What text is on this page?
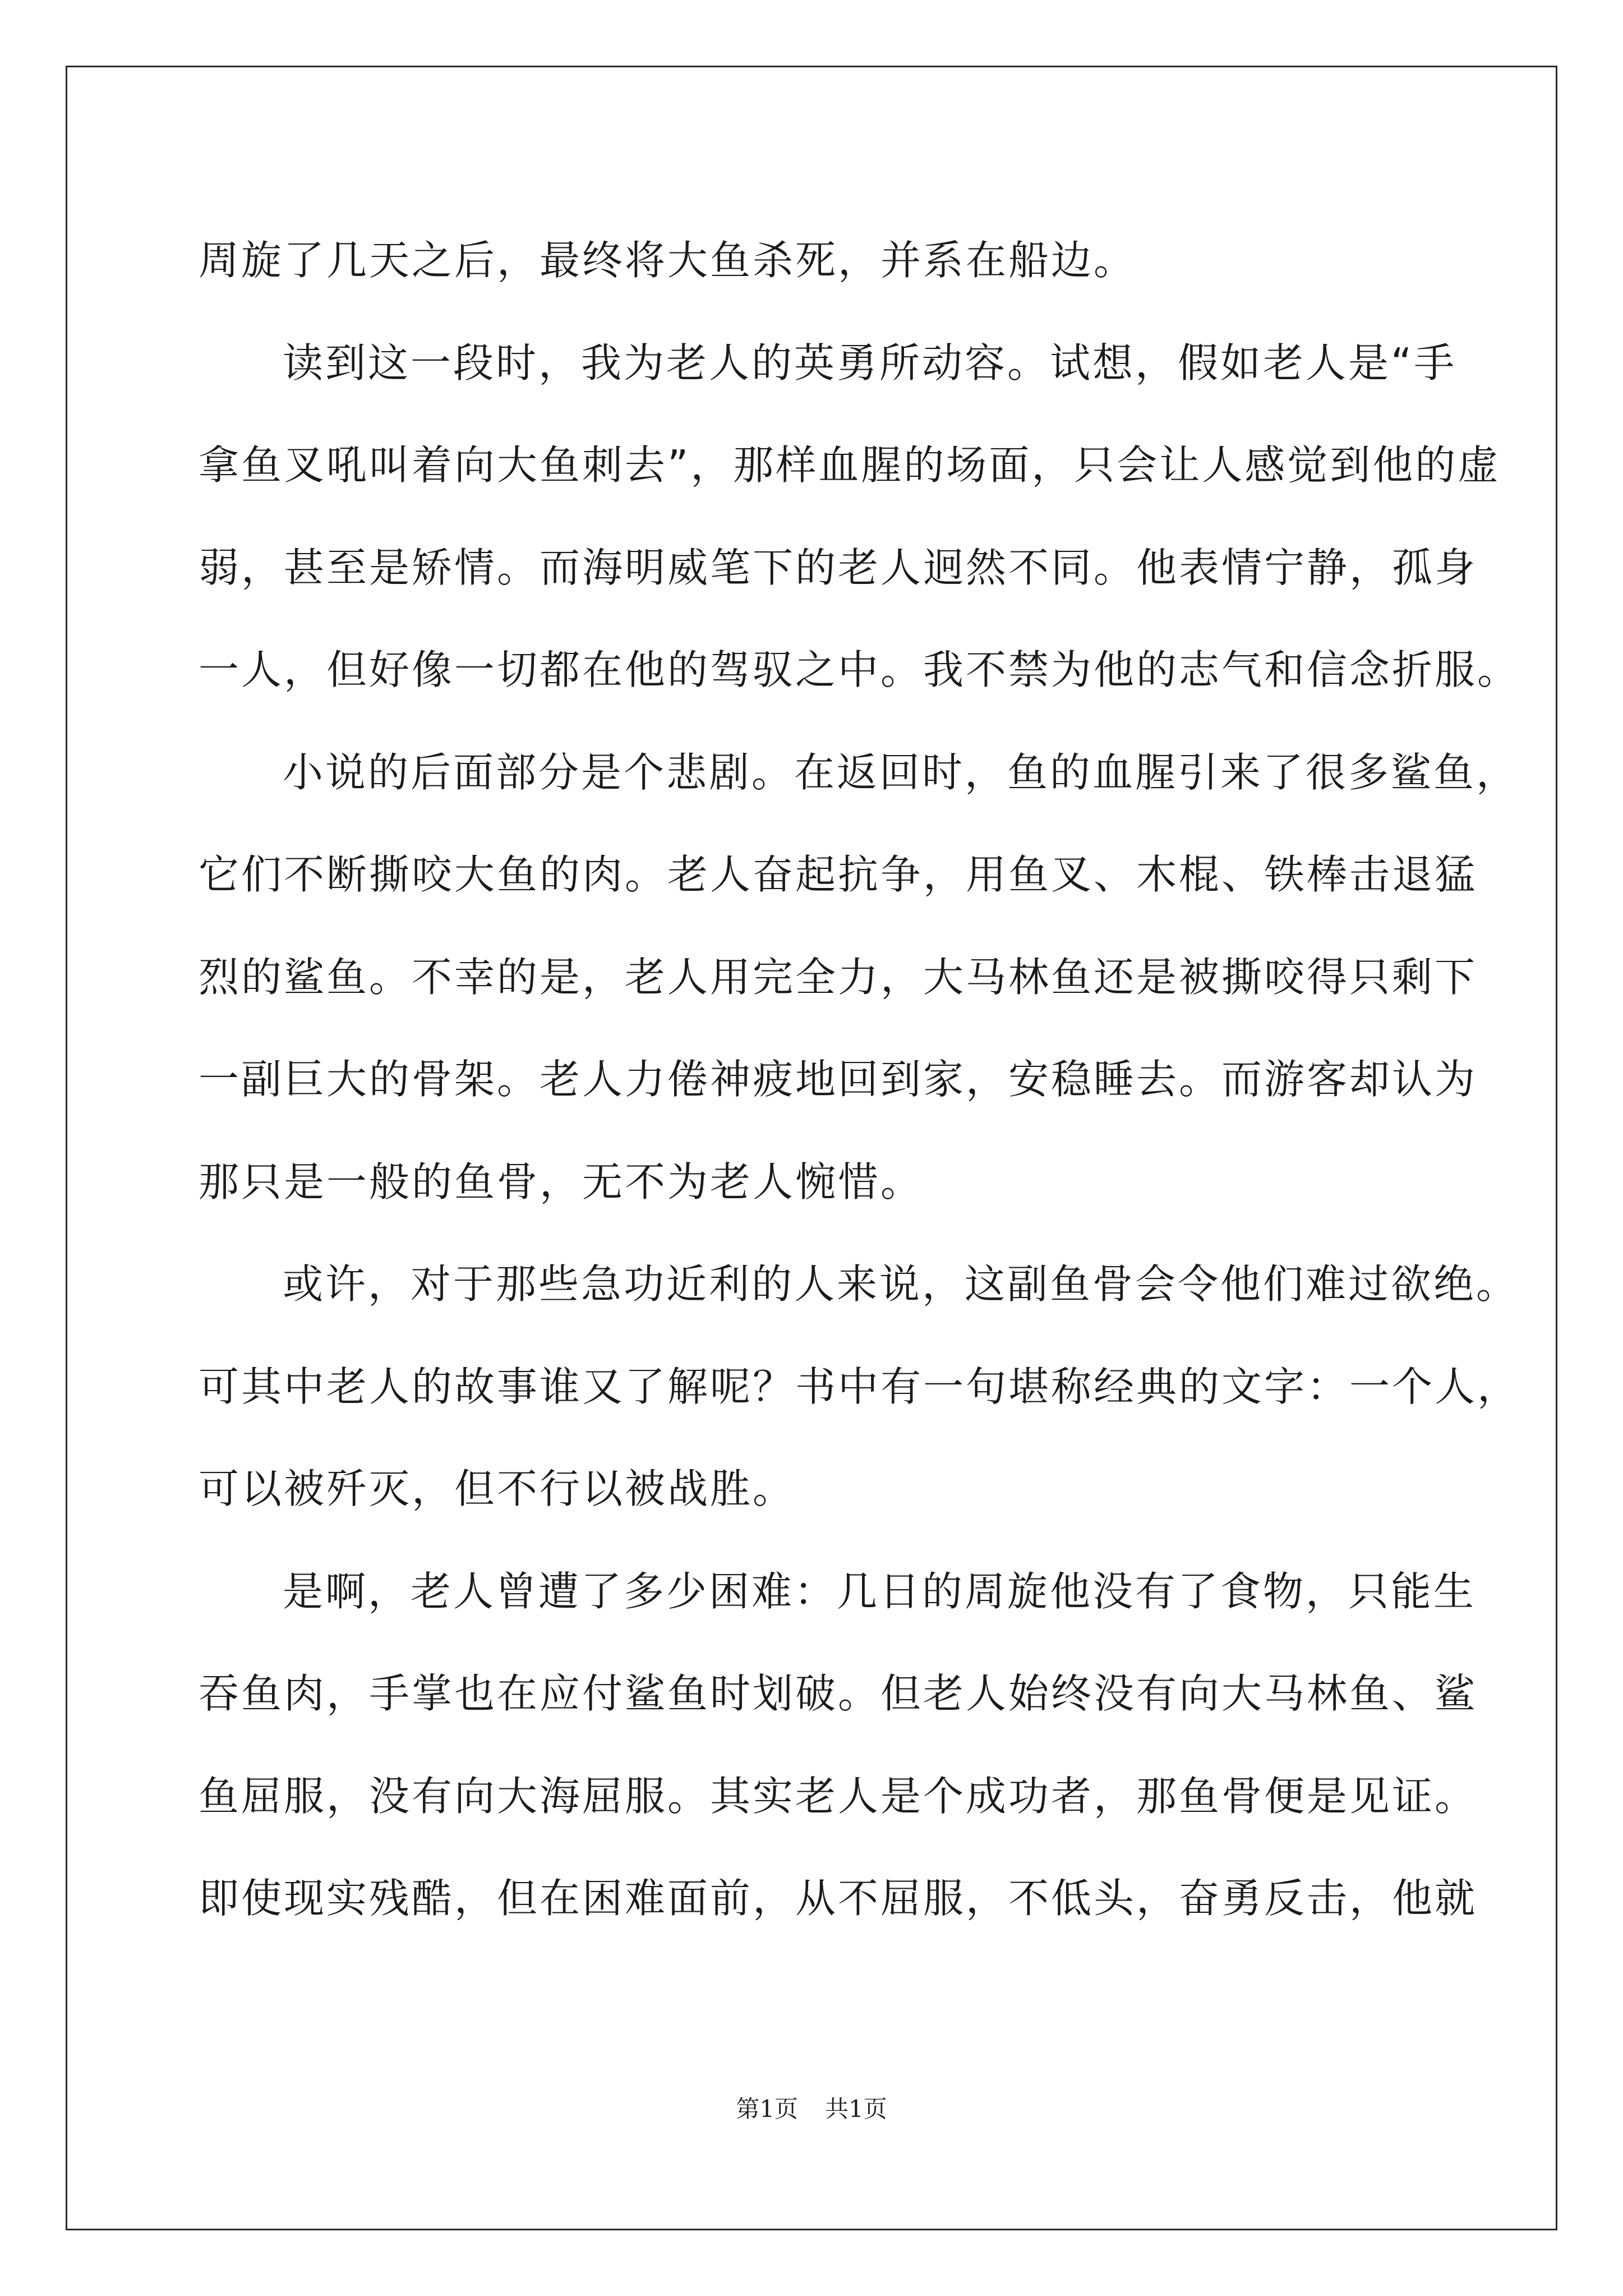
周旋了几天之后，最终将大鱼杀死，并系在船边。
读到这一段时，我为老人的英勇所动容。试想，假如老人是“手
拿鱼叉吼叫着向大鱼刺去”，那样血腥的场面，只会让人感觉到他的虚
弱，甚至是矫情。而海明威笔下的老人迥然不同。他表情宁静，孤身
一人，但好像一切都在他的驾驭之中。我不禁为他的志气和信念折服。
小说的后面部分是个悲剧。在返回时，鱼的血腥引来了很多鲨鱼，
它们不断撕咬大鱼的肉。老人奋起抗争，用鱼叉、木棍、铁棒击退猛
烈的鲨鱼。不幸的是，老人用完全力，大马林鱼还是被撕咬得只剩下
一副巨大的骨架。老人力倦神疲地回到家，安稳睡去。而游客却认为
那只是一般的鱼骨，无不为老人惋惜。
或许，对于那些急功近利的人来说，这副鱼骨会令他们难过欲绝。
可其中老人的故事谁又了解呢？书中有一句堪称经典的文字：一个人，
可以被歼灭，但不行以被战胜。
是啊，老人曾遭了多少困难：几日的周旋他没有了食物，只能生
吞鱼肉，手掌也在应付鲨鱼时划破。但老人始终没有向大马林鱼、鲨
鱼屈服，没有向大海屈服。其实老人是个成功者，那鱼骨便是见证。
即使现实残酷，但在困难面前，从不屈服，不低头，奋勇反击，他就
第1页 共1页
